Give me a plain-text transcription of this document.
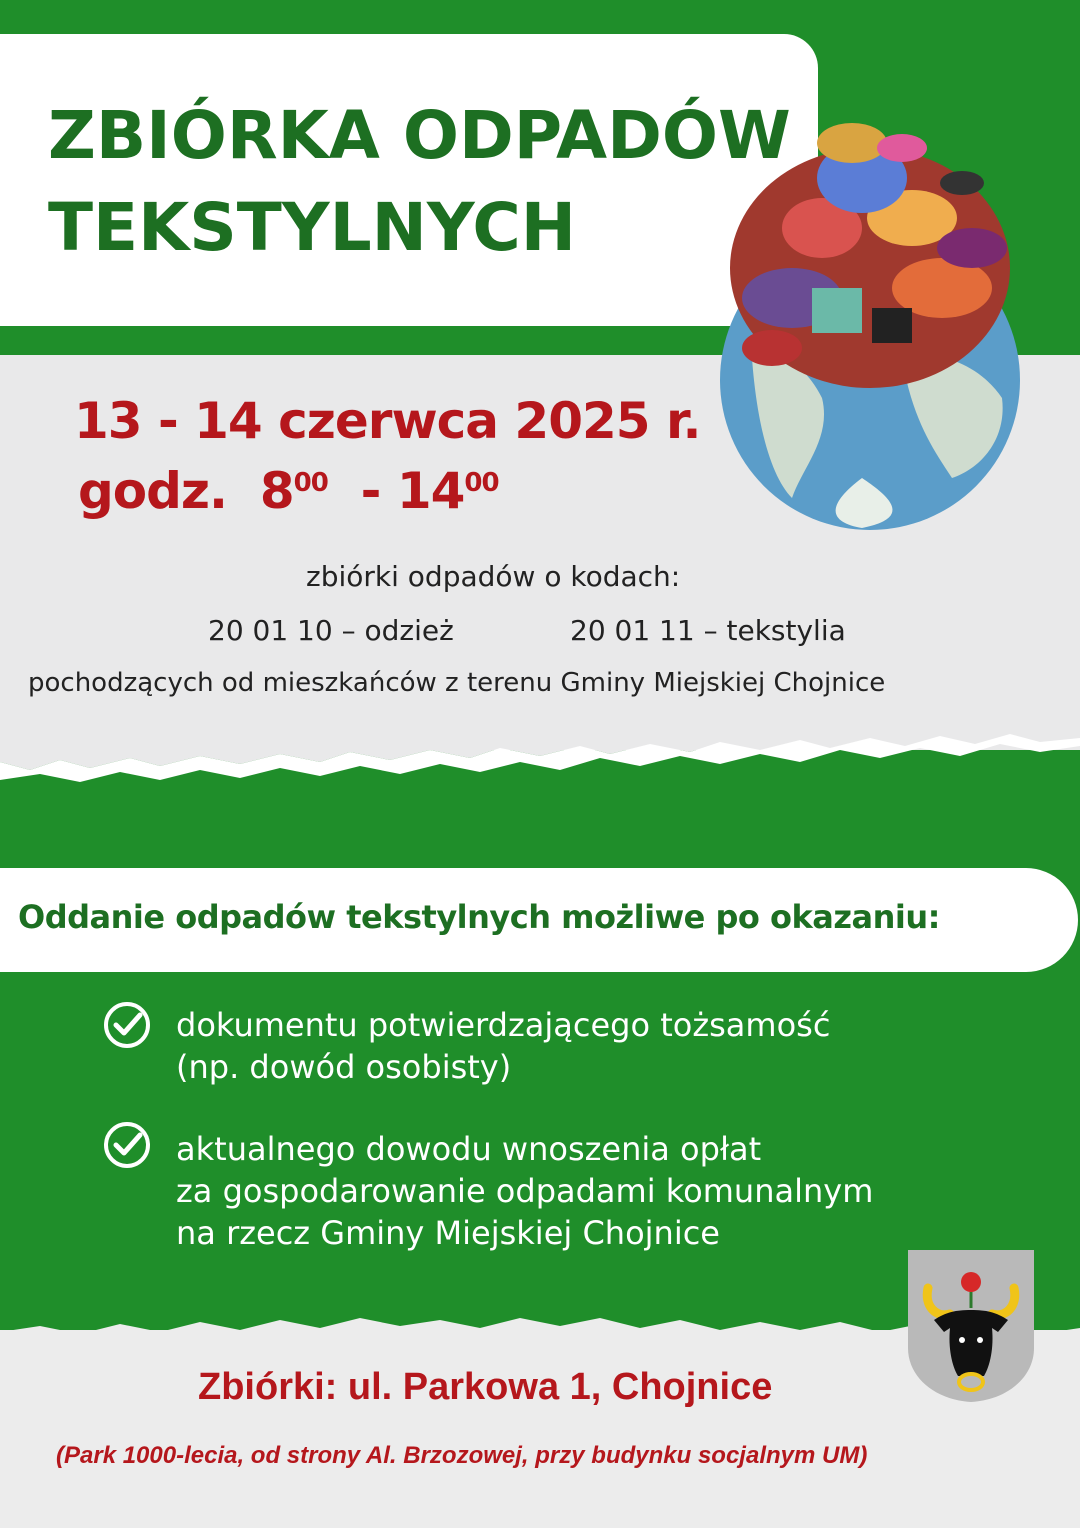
ZBIÓRKA ODPADÓW
TEKSTYLNYCH
13 - 14 czerwca 2025 r.
godz. $8^{00} - 14^{00}$
zbiórki odpadów o kodach:
20 01 10 – odzież	20 01 11 – tekstylia
pochodzących od mieszkańców z terenu Gminy Miejskiej Chojnice
Oddanie odpadów tekstylnych możliwe po okazaniu:
dokumentu potwierdzającego tożsamość
(np. dowód osobisty)
aktualnego dowodu wnoszenia opłat
za gospodarowanie odpadami komunalnym
na rzecz Gminy Miejskiej Chojnice
Zbiórki: ul. Parkowa 1, Chojnice
(Park 1000-lecia, od strony Al. Brzozowej, przy budynku socjalnym UM)
